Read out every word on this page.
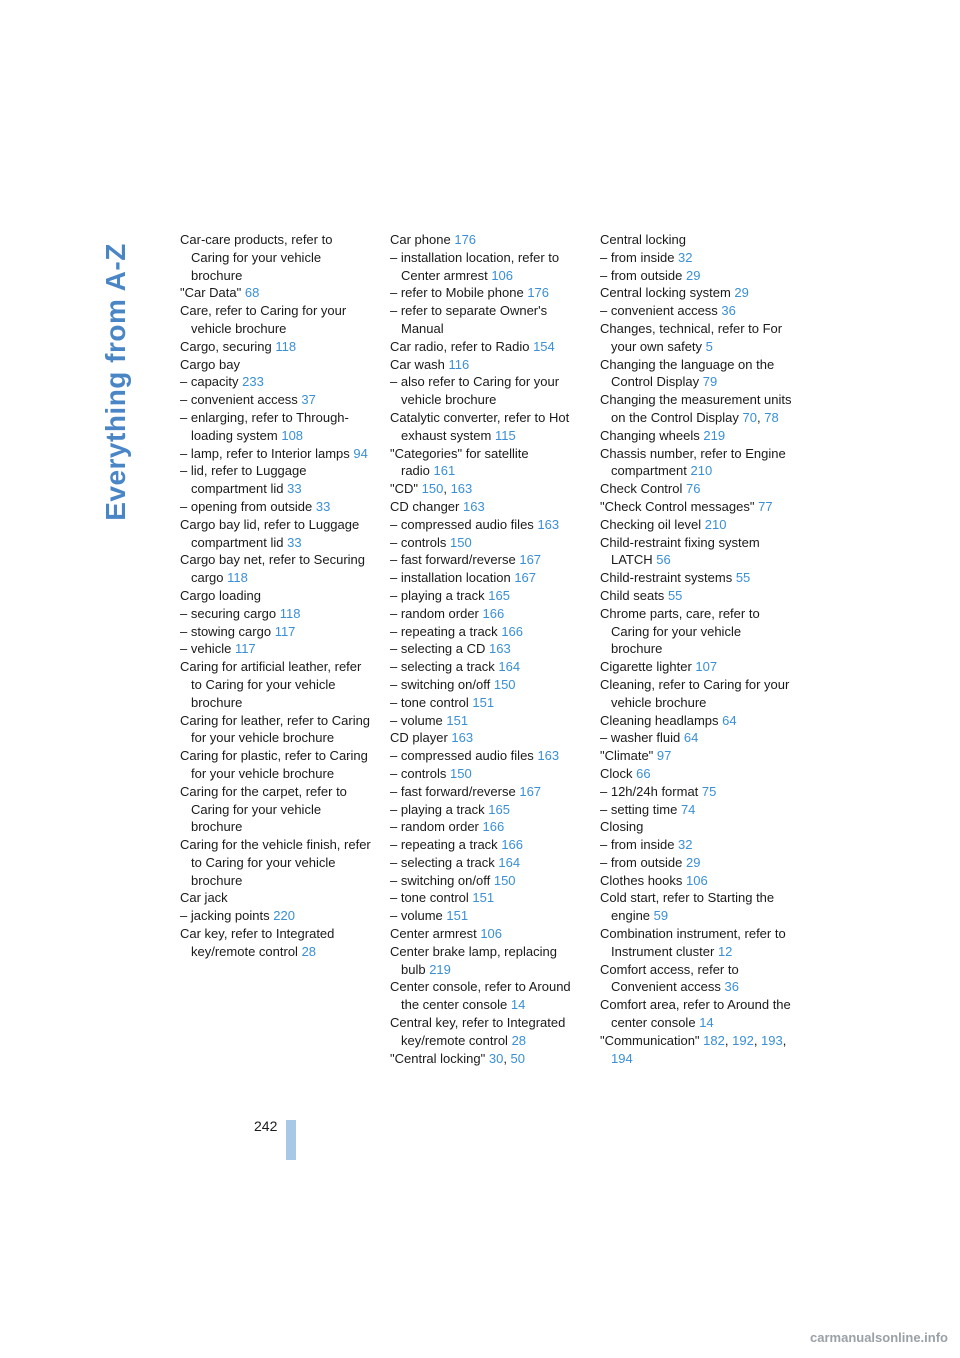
Everything from A-Z
Car-care products, refer to Caring for your vehicle brochure
"Car Data" 68
Care, refer to Caring for your vehicle brochure
Cargo, securing 118
Cargo bay
– capacity 233
– convenient access 37
– enlarging, refer to Through-loading system 108
– lamp, refer to Interior lamps 94
– lid, refer to Luggage compartment lid 33
– opening from outside 33
Cargo bay lid, refer to Luggage compartment lid 33
Cargo bay net, refer to Securing cargo 118
Cargo loading
– securing cargo 118
– stowing cargo 117
– vehicle 117
Caring for artificial leather, refer to Caring for your vehicle brochure
Caring for leather, refer to Caring for your vehicle brochure
Caring for plastic, refer to Caring for your vehicle brochure
Caring for the carpet, refer to Caring for your vehicle brochure
Caring for the vehicle finish, refer to Caring for your vehicle brochure
Car jack
– jacking points 220
Car key, refer to Integrated key/remote control 28
Car phone 176
– installation location, refer to Center armrest 106
– refer to Mobile phone 176
– refer to separate Owner's Manual
Car radio, refer to Radio 154
Car wash 116
– also refer to Caring for your vehicle brochure
Catalytic converter, refer to Hot exhaust system 115
"Categories" for satellite radio 161
"CD" 150, 163
CD changer 163
– compressed audio files 163
– controls 150
– fast forward/reverse 167
– installation location 167
– playing a track 165
– random order 166
– repeating a track 166
– selecting a CD 163
– selecting a track 164
– switching on/off 150
– tone control 151
– volume 151
CD player 163
– compressed audio files 163
– controls 150
– fast forward/reverse 167
– playing a track 165
– random order 166
– repeating a track 166
– selecting a track 164
– switching on/off 150
– tone control 151
– volume 151
Center armrest 106
Center brake lamp, replacing bulb 219
Center console, refer to Around the center console 14
Central key, refer to Integrated key/remote control 28
"Central locking" 30, 50
Central locking
– from inside 32
– from outside 29
Central locking system 29
– convenient access 36
Changes, technical, refer to For your own safety 5
Changing the language on the Control Display 79
Changing the measurement units on the Control Display 70, 78
Changing wheels 219
Chassis number, refer to Engine compartment 210
Check Control 76
"Check Control messages" 77
Checking oil level 210
Child-restraint fixing system LATCH 56
Child-restraint systems 55
Child seats 55
Chrome parts, care, refer to Caring for your vehicle brochure
Cigarette lighter 107
Cleaning, refer to Caring for your vehicle brochure
Cleaning headlamps 64
– washer fluid 64
"Climate" 97
Clock 66
– 12h/24h format 75
– setting time 74
Closing
– from inside 32
– from outside 29
Clothes hooks 106
Cold start, refer to Starting the engine 59
Combination instrument, refer to Instrument cluster 12
Comfort access, refer to Convenient access 36
Comfort area, refer to Around the center console 14
"Communication" 182, 192, 193, 194
242
carmanualsonline.info
